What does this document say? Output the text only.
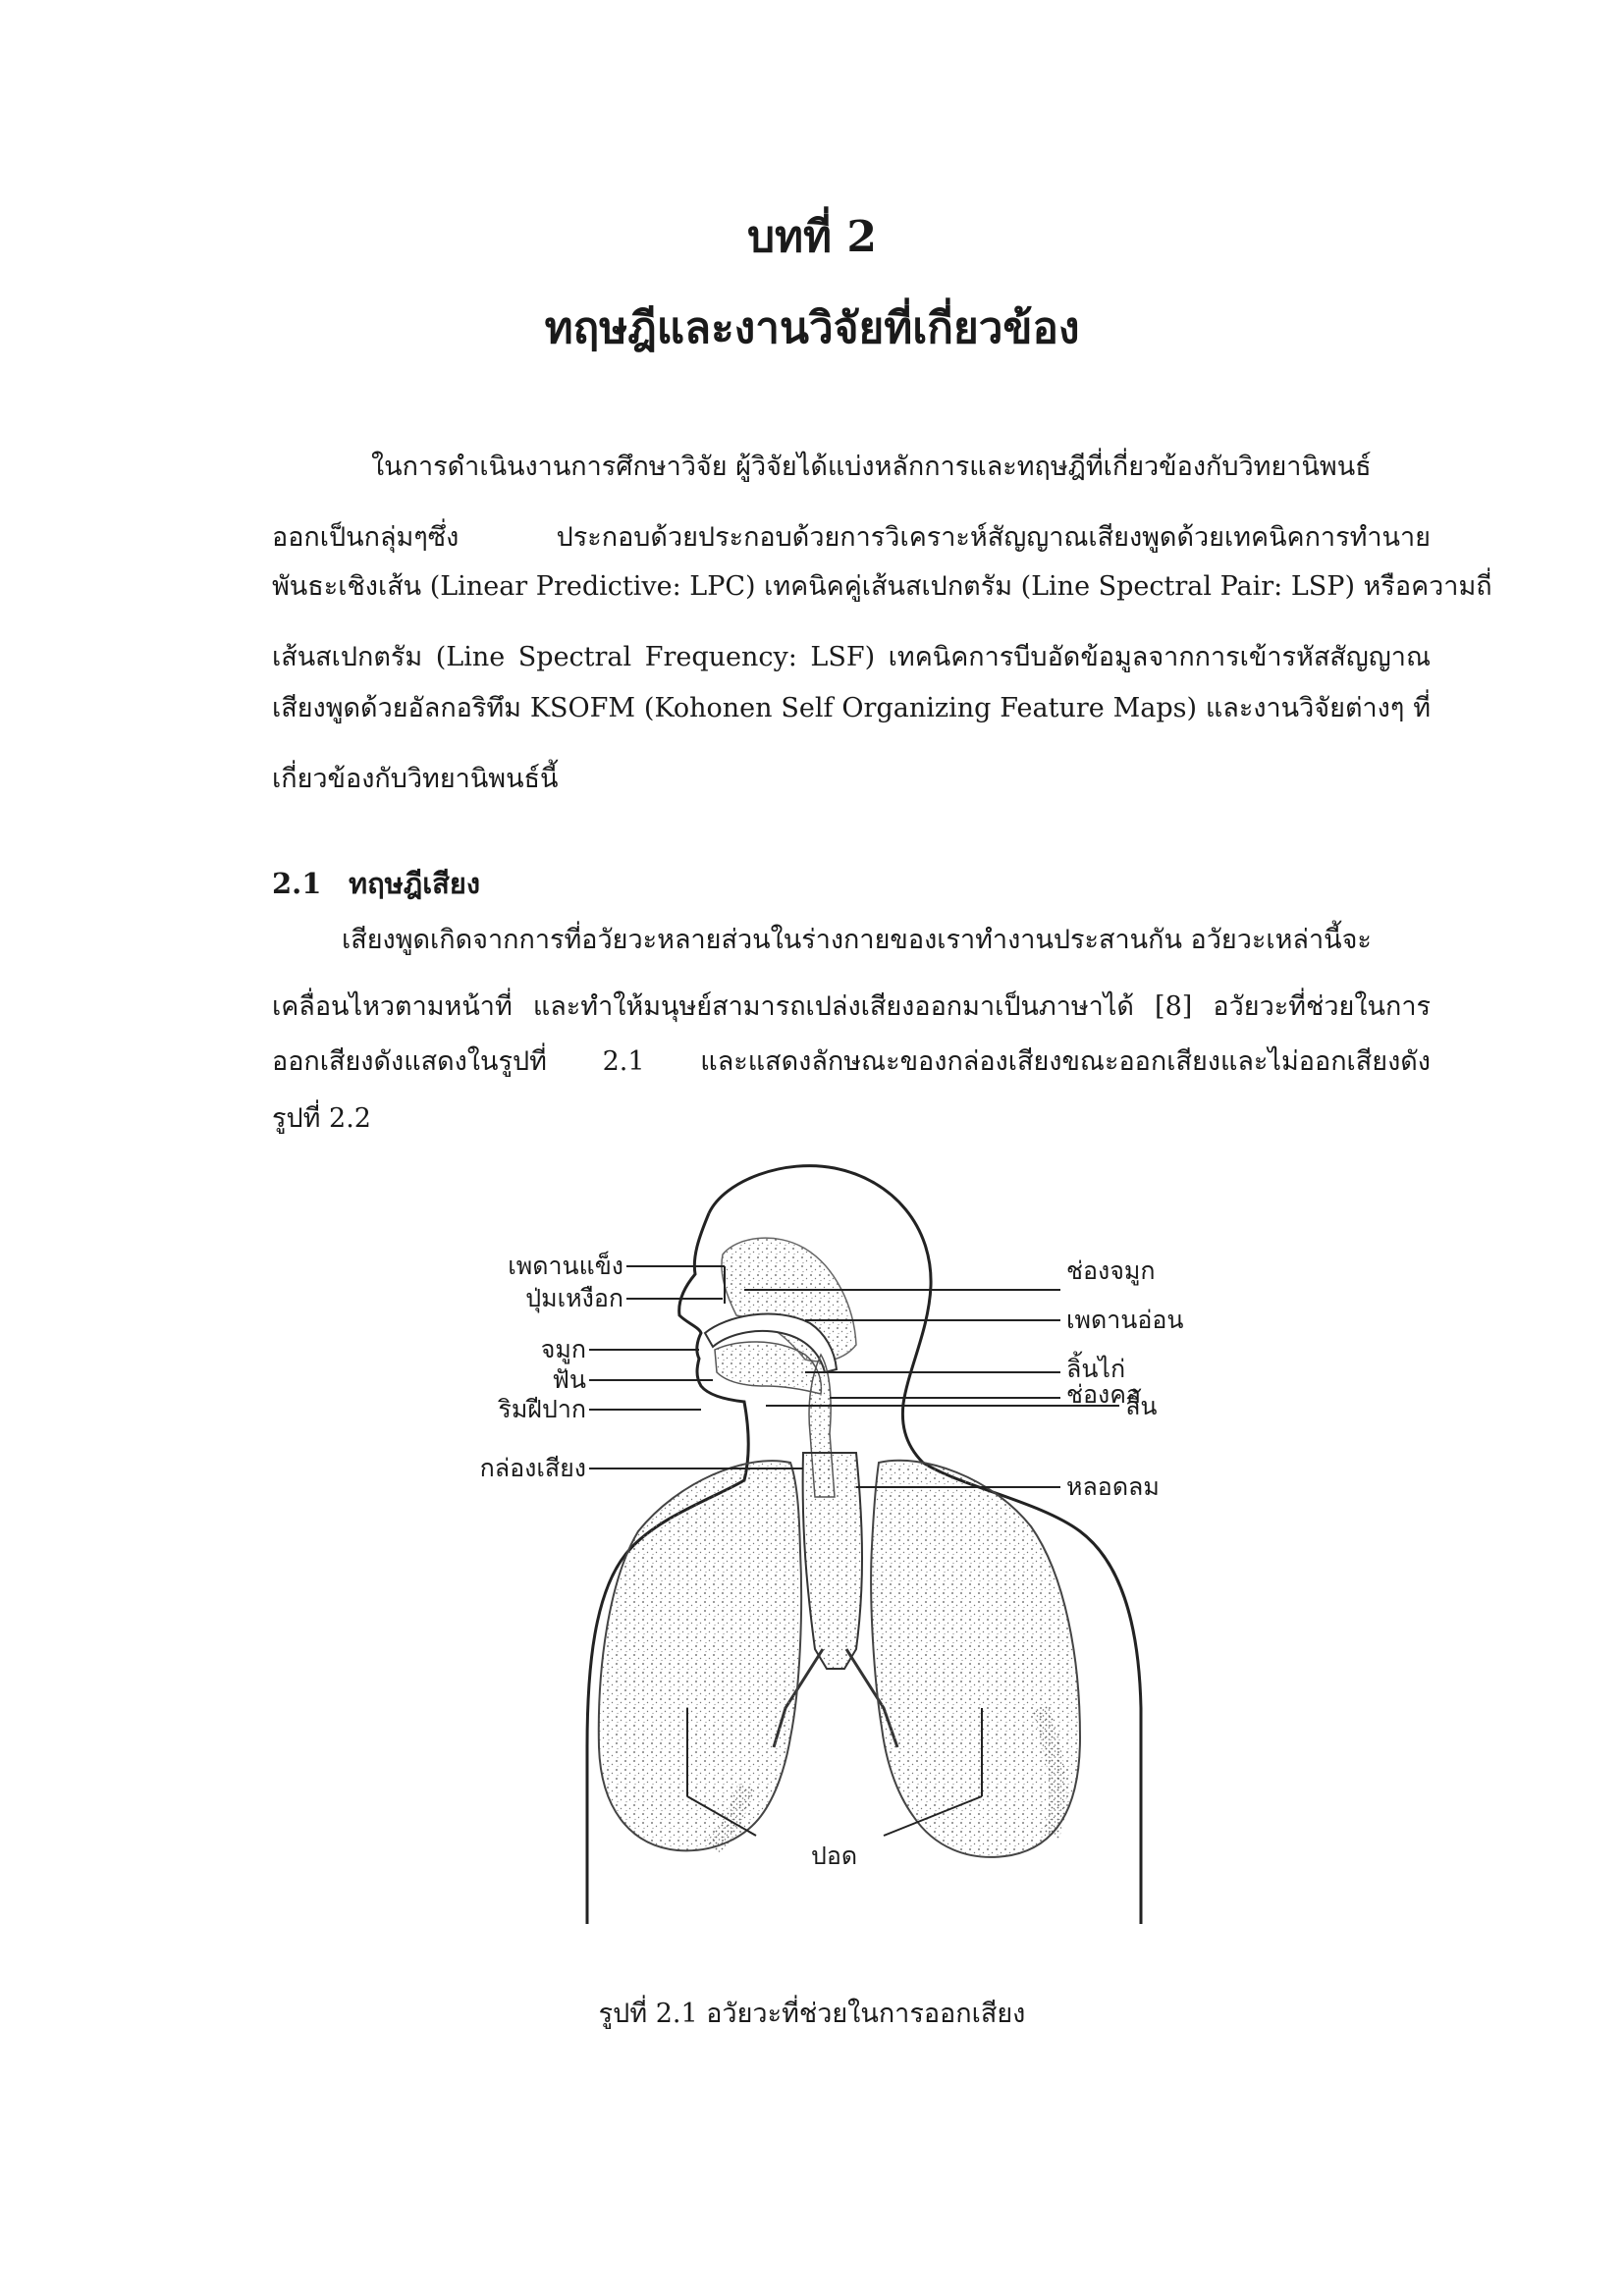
บทที่ 2
ทฤษฎีและงานวิจัยที่เกี่ยวข้อง
ในการดำเนินงานการศึกษาวิจัย ผู้วิจัยได้แบ่งหลักการและทฤษฎีที่เกี่ยวข้องกับวิทยานิพนธ์
ออกเป็นกลุ่มๆซึ่ง ประกอบด้วยประกอบด้วยการวิเคราะห์สัญญาณเสียงพูดด้วยเทคนิคการทำนาย
พันธะเชิงเส้น (Linear Predictive: LPC) เทคนิคคู่เส้นสเปกตรัม (Line Spectral Pair: LSP) หรือความถี่
เส้นสเปกตรัม (Line Spectral Frequency: LSF) เทคนิคการบีบอัดข้อมูลจากการเข้ารหัสสัญญาณ
เสียงพูดด้วยอัลกอริทึม KSOFM (Kohonen Self Organizing Feature Maps) และงานวิจัยต่างๆ ที่
เกี่ยวข้องกับวิทยานิพนธ์นี้
2.1 ทฤษฎีเสียง
เสียงพูดเกิดจากการที่อวัยวะหลายส่วนในร่างกายของเราทำงานประสานกัน อวัยวะเหล่านี้จะ
เคลื่อนไหวตามหน้าที่ และทำให้มนุษย์สามารถเปล่งเสียงออกมาเป็นภาษาได้ [8] อวัยวะที่ช่วยในการ
ออกเสียงดังแสดงในรูปที่ 2.1 และแสดงลักษณะของกล่องเสียงขณะออกเสียงและไม่ออกเสียงดัง
รูปที่ 2.2
เพดานแข็ง
ปุ่มเหงือก
จมูก
ฟัน
ริมฝีปาก
กล่องเสียง
ช่องจมูก
เพดานอ่อน
ลิ้นไก่
ช่องคอ
ลิ้น
หลอดลม
ปอด
รูปที่ 2.1 อวัยวะที่ช่วยในการออกเสียง
